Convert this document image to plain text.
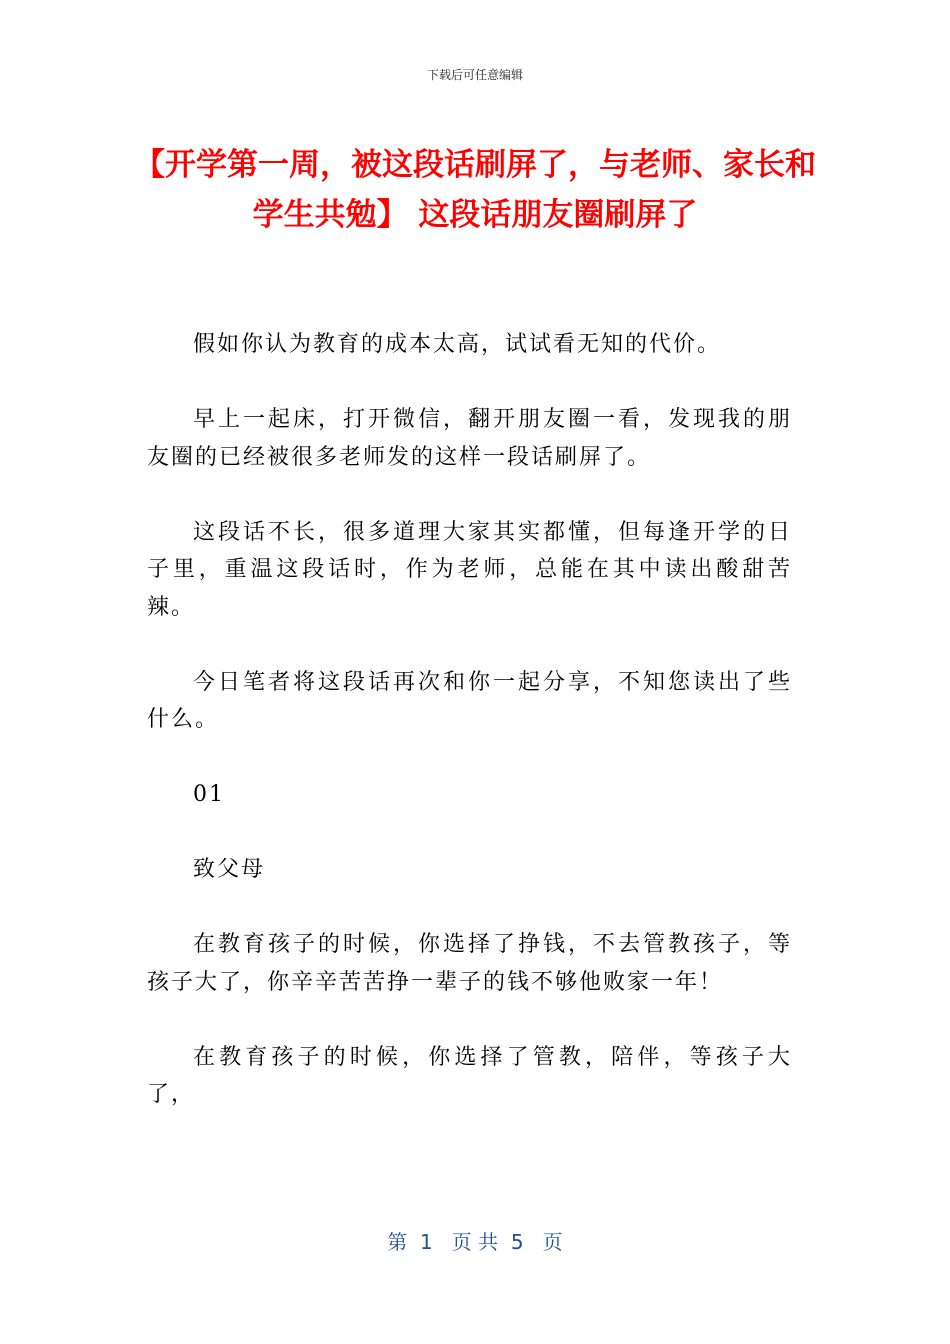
下载后可任意编辑
【开学第一周，被这段话刷屏了，与老师、家长和学生共勉】 这段话朋友圈刷屏了

假如你认为教育的成本太高，试试看无知的代价。

早上一起床，打开微信，翻开朋友圈一看，发现我的朋友圈的已经被很多老师发的这样一段话刷屏了。

这段话不长，很多道理大家其实都懂，但每逢开学的日子里，重温这段话时，作为老师，总能在其中读出酸甜苦辣。

今日笔者将这段话再次和你一起分享，不知您读出了些什么。

01

致父母

在教育孩子的时候，你选择了挣钱，不去管教孩子，等孩子大了，你辛辛苦苦挣一辈子的钱不够他败家一年！

在教育孩子的时候，你选择了管教，陪伴，等孩子大了，

第  1   页 共  5   页
